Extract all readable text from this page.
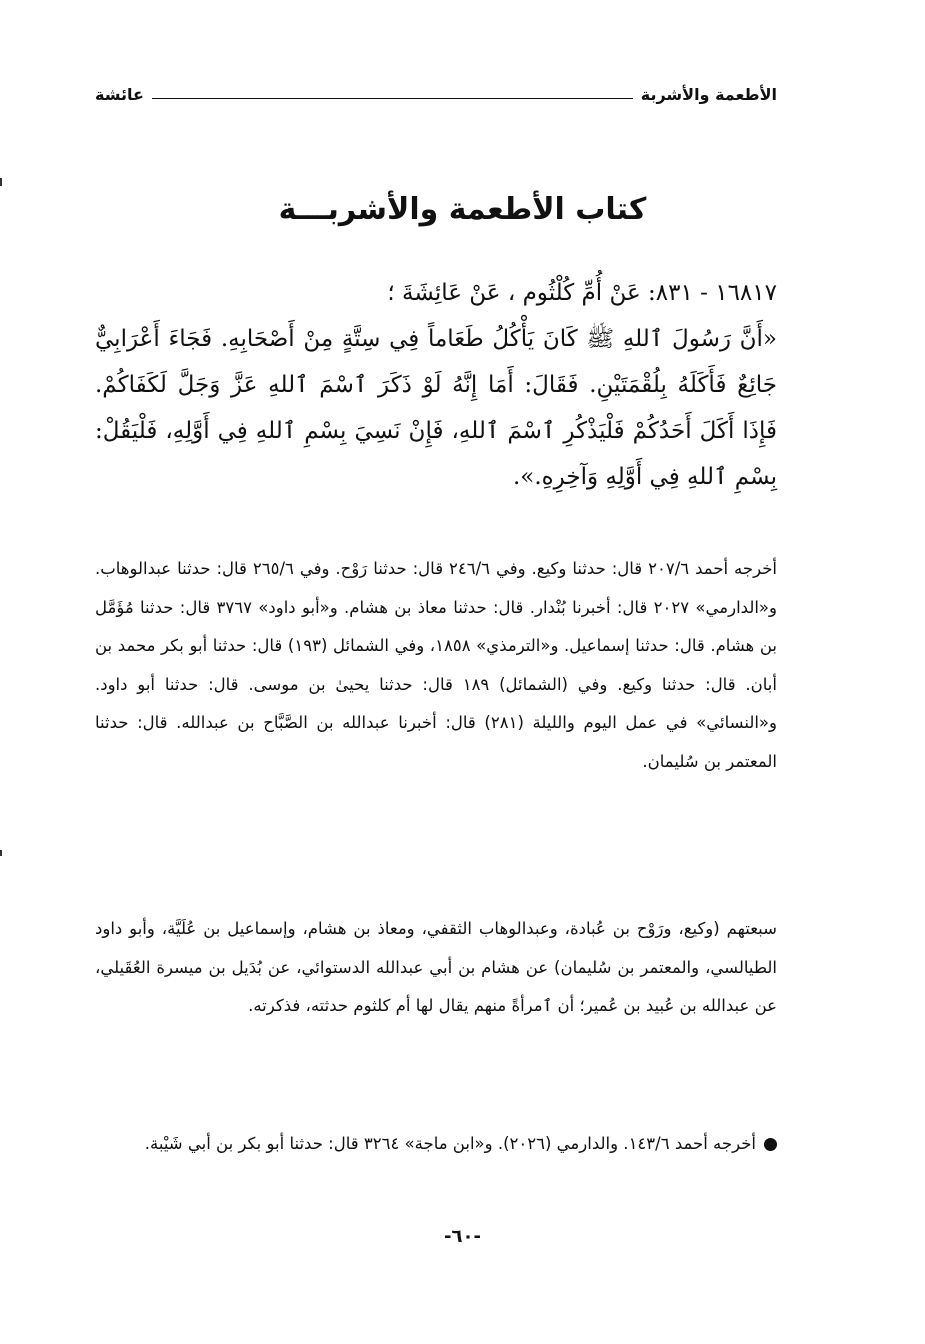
الأطعمة والأشربة
عائشة
كتاب الأطعمة والأشربـــة
١٦٨١٧ - ٨٣١: عَنْ أُمِّ كُلْثُوم ، عَنْ عَائِشَةَ ؛
«أَنَّ رَسُولَ ٱللهِ ﷺ كَانَ يَأْكُلُ طَعَاماً فِي سِتَّةٍ مِنْ أَصْحَابِهِ. فَجَاءَ أَعْرَابِيٌّ جَائِعٌ فَأَكَلَهُ بِلُقْمَتَيْنِ. فَقَالَ: أَمَا إِنَّهُ لَوْ ذَكَرَ ٱسْمَ ٱللهِ عَزَّ وَجَلَّ لَكَفَاكُمْ. فَإِذَا أَكَلَ أَحَدُكُمْ فَلْيَذْكُرِ ٱسْمَ ٱللهِ، فَإِنْ نَسِيَ بِسْمِ ٱللهِ فِي أَوَّلِهِ، فَلْيَقُلْ: بِسْمِ ٱللهِ فِي أَوَّلِهِ وَآخِرِهِ.».
أخرجه أحمد ٢٠٧/٦ قال: حدثنا وكيع. وفي ٢٤٦/٦ قال: حدثنا رَوْح. وفي ٢٦٥/٦ قال: حدثنا عبدالوهاب. و«الدارمي» ٢٠٢٧ قال: أخبرنا بُنْدار. قال: حدثنا معاذ بن هشام. و«أبو داود» ٣٧٦٧ قال: حدثنا مُؤَمَّل بن هشام. قال: حدثنا إسماعيل. و«الترمذي» ١٨٥٨، وفي الشمائل (١٩٣) قال: حدثنا أبو بكر محمد بن أبان. قال: حدثنا وكيع. وفي (الشمائل) ١٨٩ قال: حدثنا يحيىٰ بن موسى. قال: حدثنا أبو داود. و«النسائي» في عمل اليوم والليلة (٢٨١) قال: أخبرنا عبدالله بن الصَّبَّاح بن عبدالله. قال: حدثنا المعتمر بن سُليمان.
سبعتهم (وكيع، ورَوْح بن عُبادة، وعبدالوهاب الثقفي، ومعاذ بن هشام، وإسماعيل بن عُلَيَّة، وأبو داود الطيالسي، والمعتمر بن سُليمان) عن هشام بن أبي عبدالله الدستوائي، عن بُدَيل بن ميسرة العُقَيلي، عن عبدالله بن عُبيد بن عُمير؛ أن ٱمرأةً منهم يقال لها أم كلثوم حدثته، فذكرته.
أخرجه أحمد ١٤٣/٦. والدارمي (٢٠٢٦). و«ابن ماجة» ٣٢٦٤ قال: حدثنا أبو بكر بن أبي شَيْبة.
-٦٠-
